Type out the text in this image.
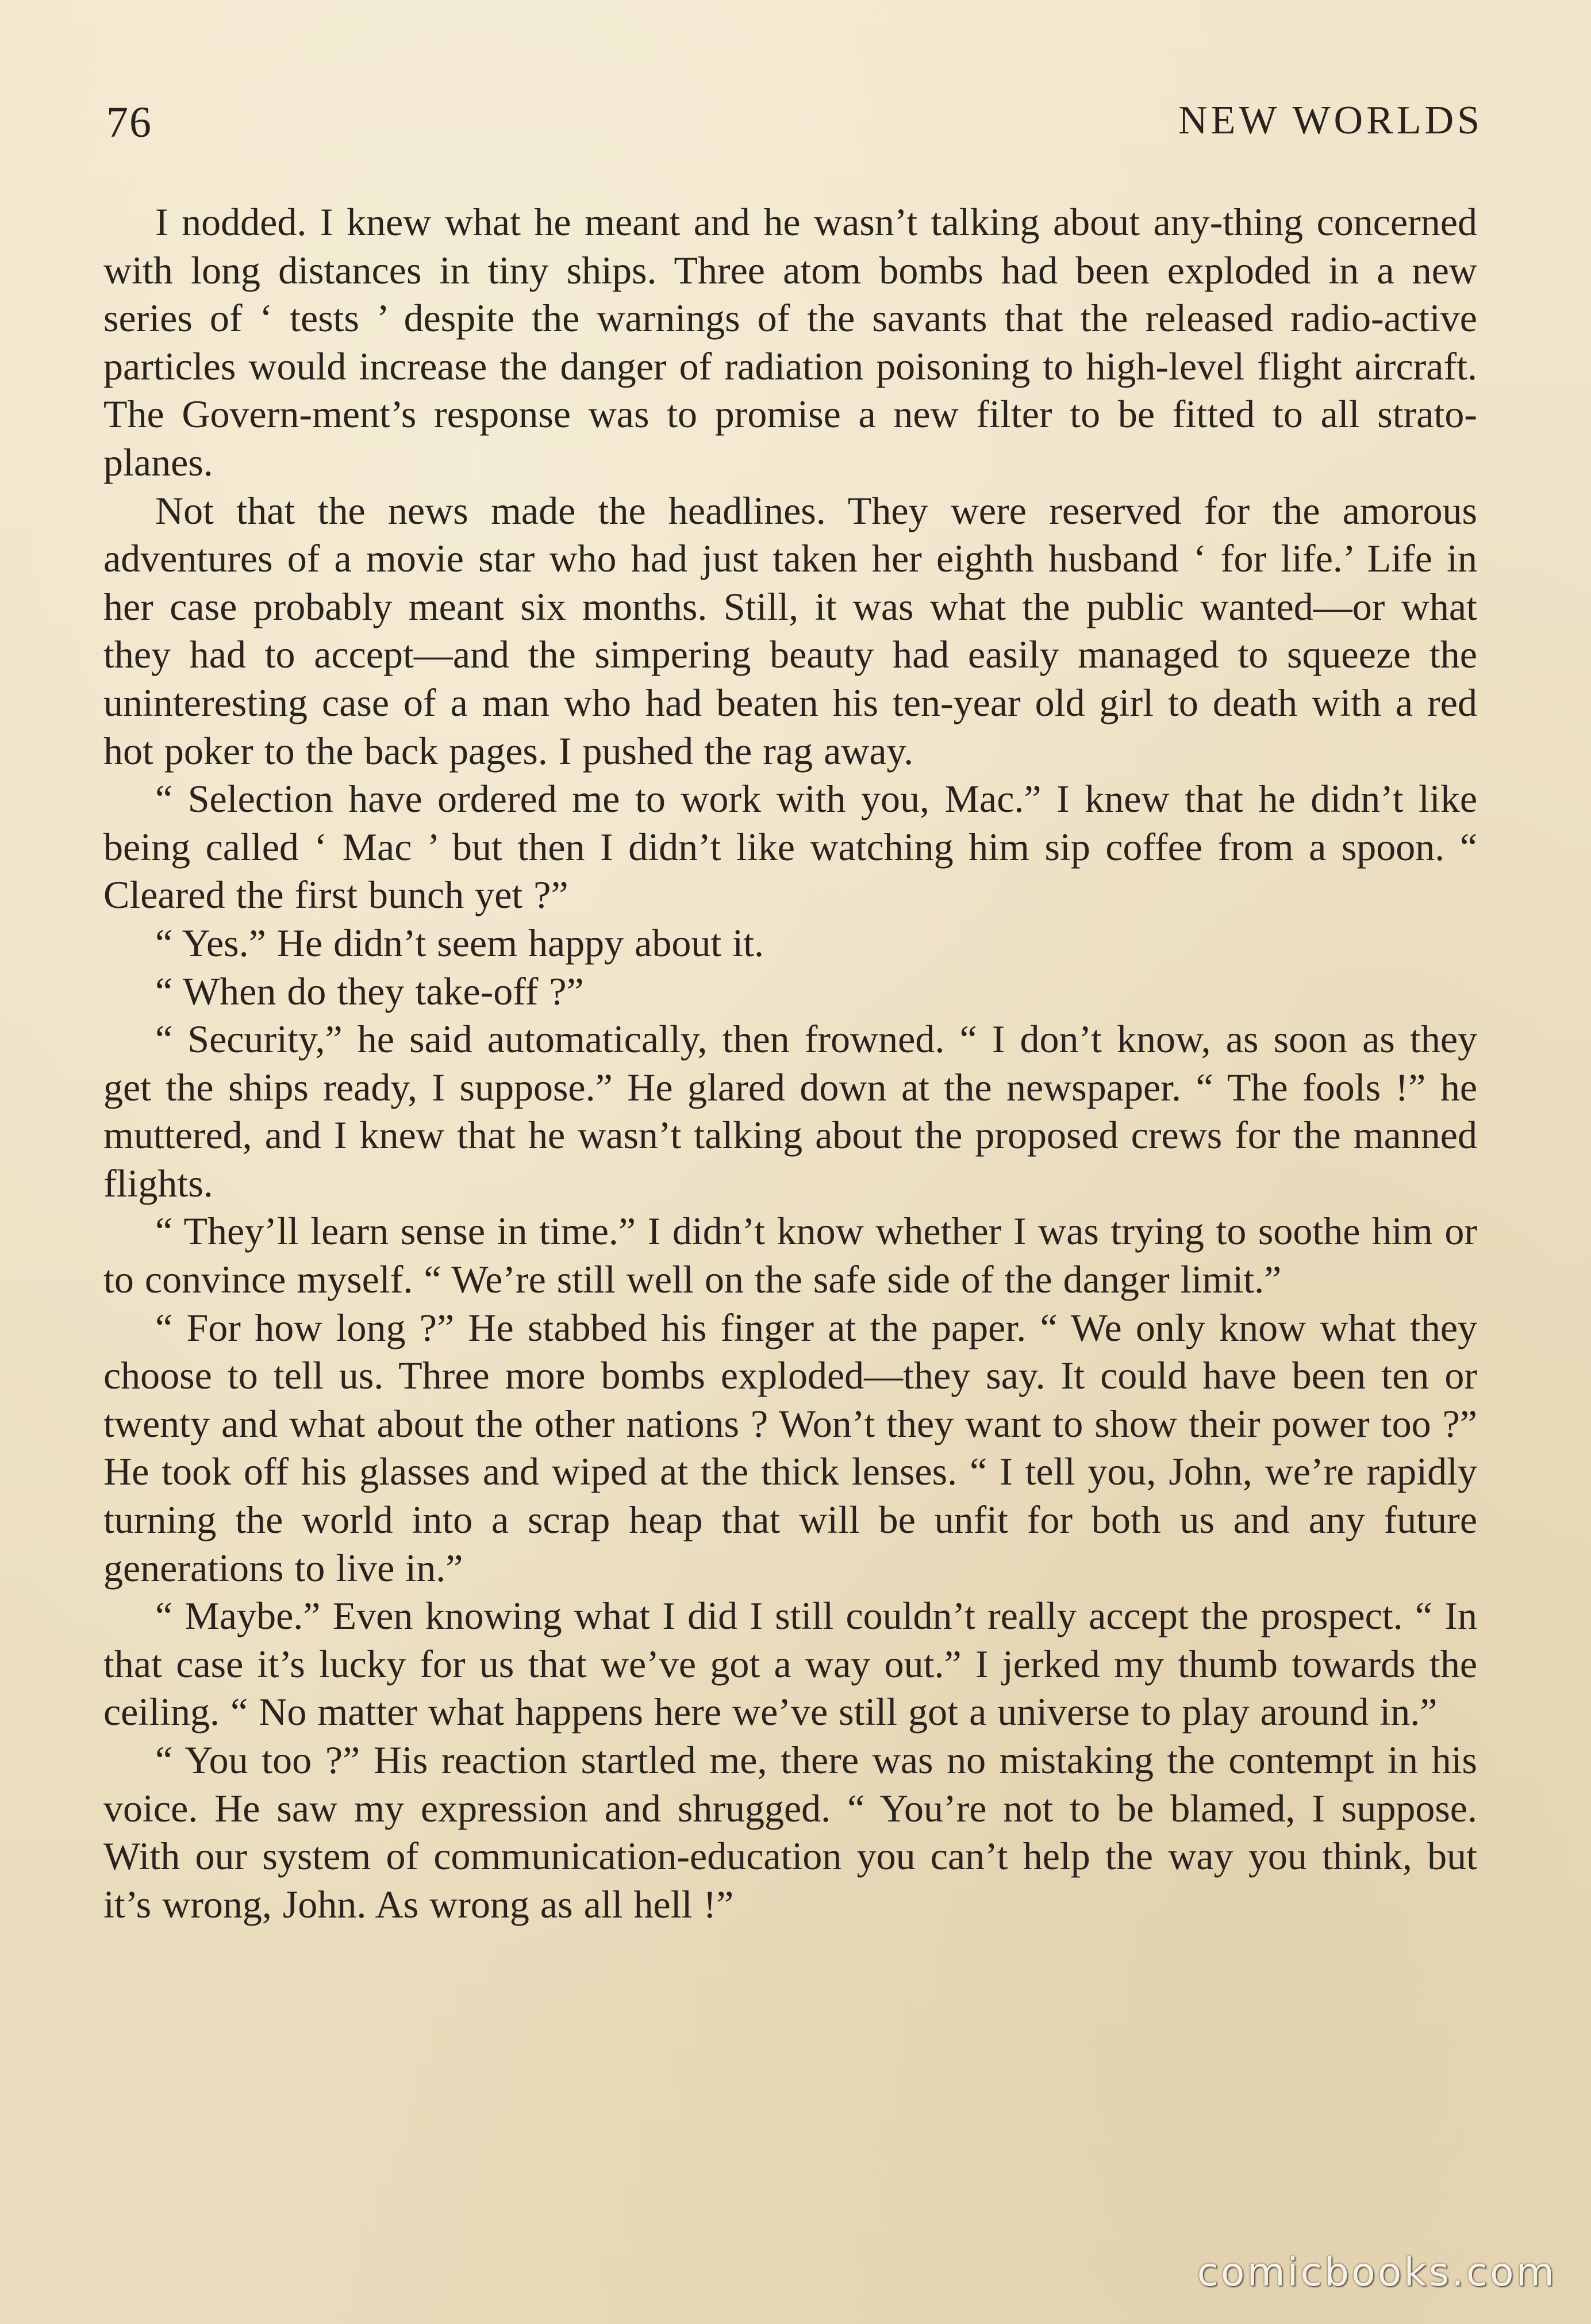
76	NEW WORLDS

I nodded. I knew what he meant and he wasn’t talking about any-thing concerned with long distances in tiny ships. Three atom bombs had been exploded in a new series of ‘ tests ’ despite the warnings of the savants that the released radio-active particles would increase the danger of radiation poisoning to high-level flight aircraft. The Govern-ment’s response was to promise a new filter to be fitted to all strato-planes.

Not that the news made the headlines. They were reserved for the amorous adventures of a movie star who had just taken her eighth husband ‘ for life.’ Life in her case probably meant six months. Still, it was what the public wanted—or what they had to accept—and the simpering beauty had easily managed to squeeze the uninteresting case of a man who had beaten his ten-year old girl to death with a red hot poker to the back pages. I pushed the rag away.

“ Selection have ordered me to work with you, Mac.” I knew that he didn’t like being called ‘ Mac ’ but then I didn’t like watching him sip coffee from a spoon. “ Cleared the first bunch yet ?”

“ Yes.” He didn’t seem happy about it.

“ When do they take-off ?”

“ Security,” he said automatically, then frowned. “ I don’t know, as soon as they get the ships ready, I suppose.” He glared down at the newspaper. “ The fools !” he muttered, and I knew that he wasn’t talking about the proposed crews for the manned flights.

“ They’ll learn sense in time.” I didn’t know whether I was trying to soothe him or to convince myself. “ We’re still well on the safe side of the danger limit.”

“ For how long ?” He stabbed his finger at the paper. “ We only know what they choose to tell us. Three more bombs exploded—they say. It could have been ten or twenty and what about the other nations ? Won’t they want to show their power too ?” He took off his glasses and wiped at the thick lenses. “ I tell you, John, we’re rapidly turning the world into a scrap heap that will be unfit for both us and any future generations to live in.”

“ Maybe.” Even knowing what I did I still couldn’t really accept the prospect. “ In that case it’s lucky for us that we’ve got a way out.” I jerked my thumb towards the ceiling. “ No matter what happens here we’ve still got a universe to play around in.”

“ You too ?” His reaction startled me, there was no mistaking the contempt in his voice. He saw my expression and shrugged. “ You’re not to be blamed, I suppose. With our system of communication-education you can’t help the way you think, but it’s wrong, John. As wrong as all hell !”

comicbooks.com
